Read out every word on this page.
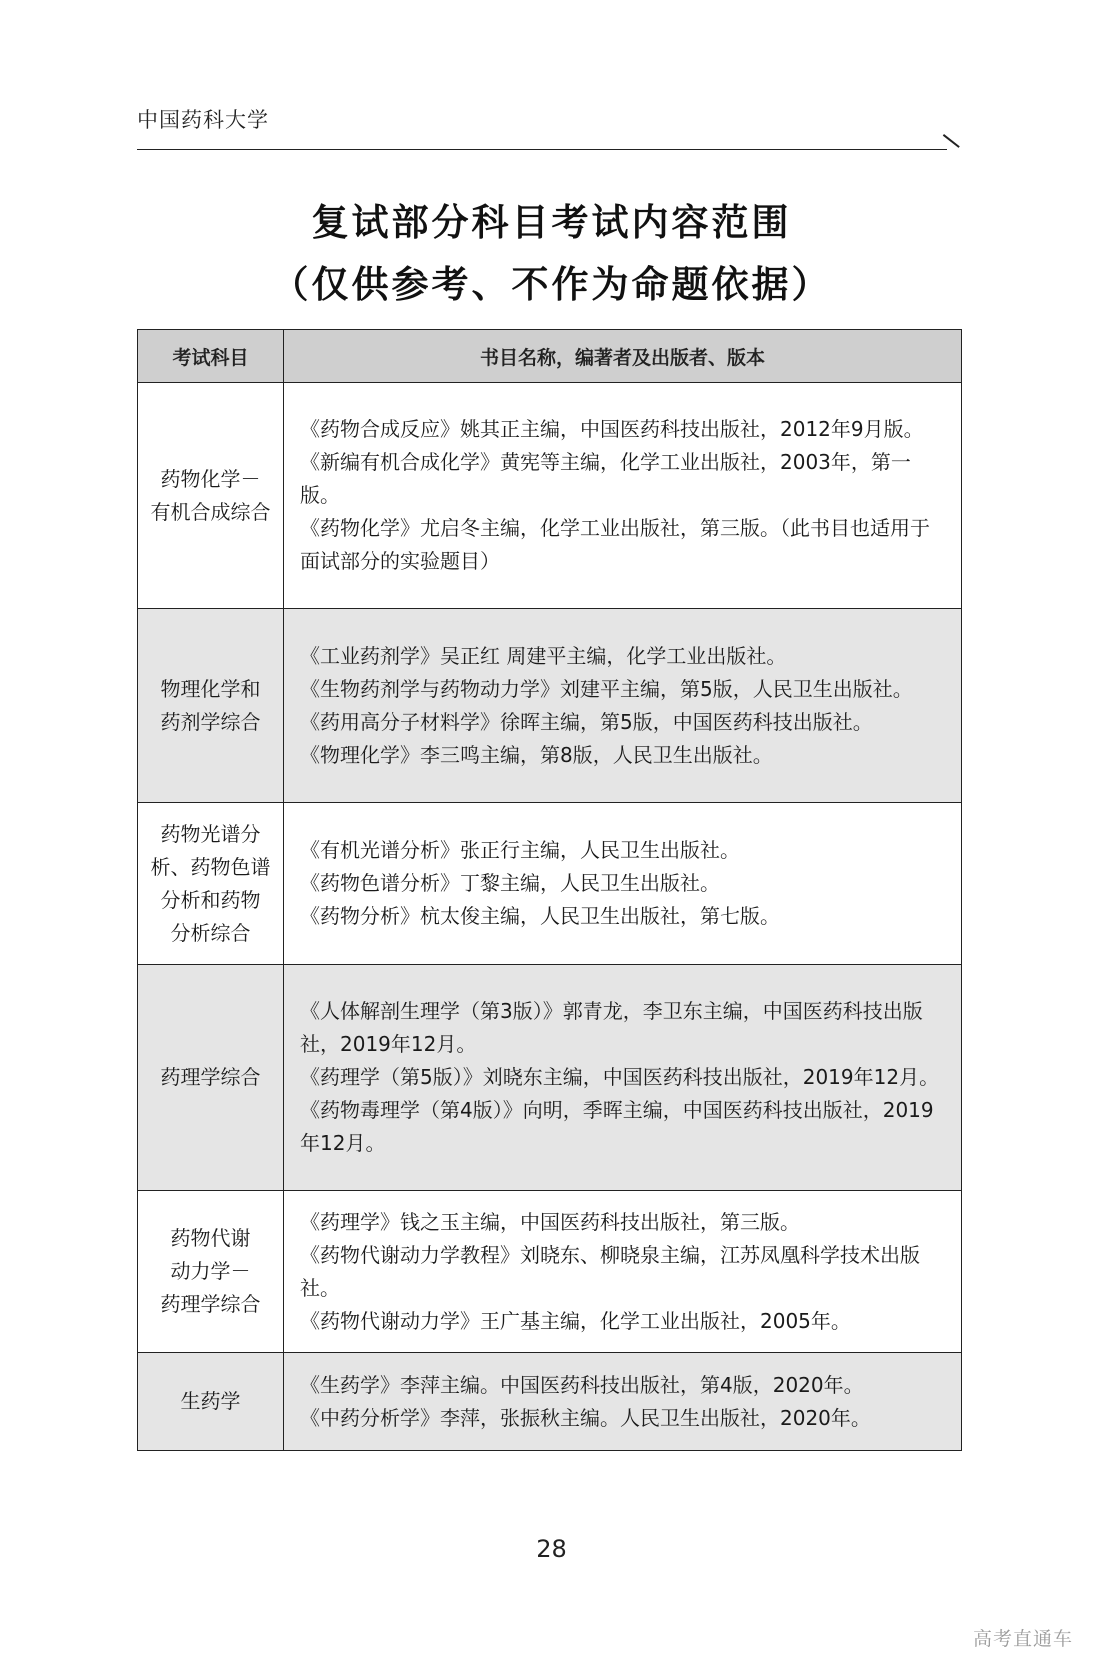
中国药科大学
复试部分科目考试内容范围
（仅供参考、不作为命题依据）
考试科目	书目名称，编著者及出版者、版本

药物化学－
有机合成综合	《药物合成反应》姚其正主编，中国医药科技出版社，2012年9月版。
《新编有机合成化学》黄宪等主编，化学工业出版社，2003年，第一版。
《药物化学》尤启冬主编，化学工业出版社，第三版。（此书目也适用于面试部分的实验题目）

物理化学和
药剂学综合	《工业药剂学》吴正红 周建平主编，化学工业出版社。
《生物药剂学与药物动力学》刘建平主编，第5版，人民卫生出版社。
《药用高分子材料学》徐晖主编，第5版，中国医药科技出版社。
《物理化学》李三鸣主编，第8版，人民卫生出版社。

药物光谱分
析、药物色谱
分析和药物
分析综合	《有机光谱分析》张正行主编，人民卫生出版社。
《药物色谱分析》丁黎主编，人民卫生出版社。
《药物分析》杭太俊主编，人民卫生出版社，第七版。

药理学综合	《人体解剖生理学（第3版）》郭青龙，李卫东主编，中国医药科技出版社，2019年12月。
《药理学（第5版）》刘晓东主编，中国医药科技出版社，2019年12月。
《药物毒理学（第4版）》向明，季晖主编，中国医药科技出版社，2019年12月。

药物代谢
动力学－
药理学综合	《药理学》钱之玉主编，中国医药科技出版社，第三版。
《药物代谢动力学教程》刘晓东、柳晓泉主编，江苏凤凰科学技术出版社。
《药物代谢动力学》王广基主编，化学工业出版社，2005年。

生药学	《生药学》李萍主编。中国医药科技出版社，第4版，2020年。
《中药分析学》李萍，张振秋主编。人民卫生出版社，2020年。
28
高考直通车
